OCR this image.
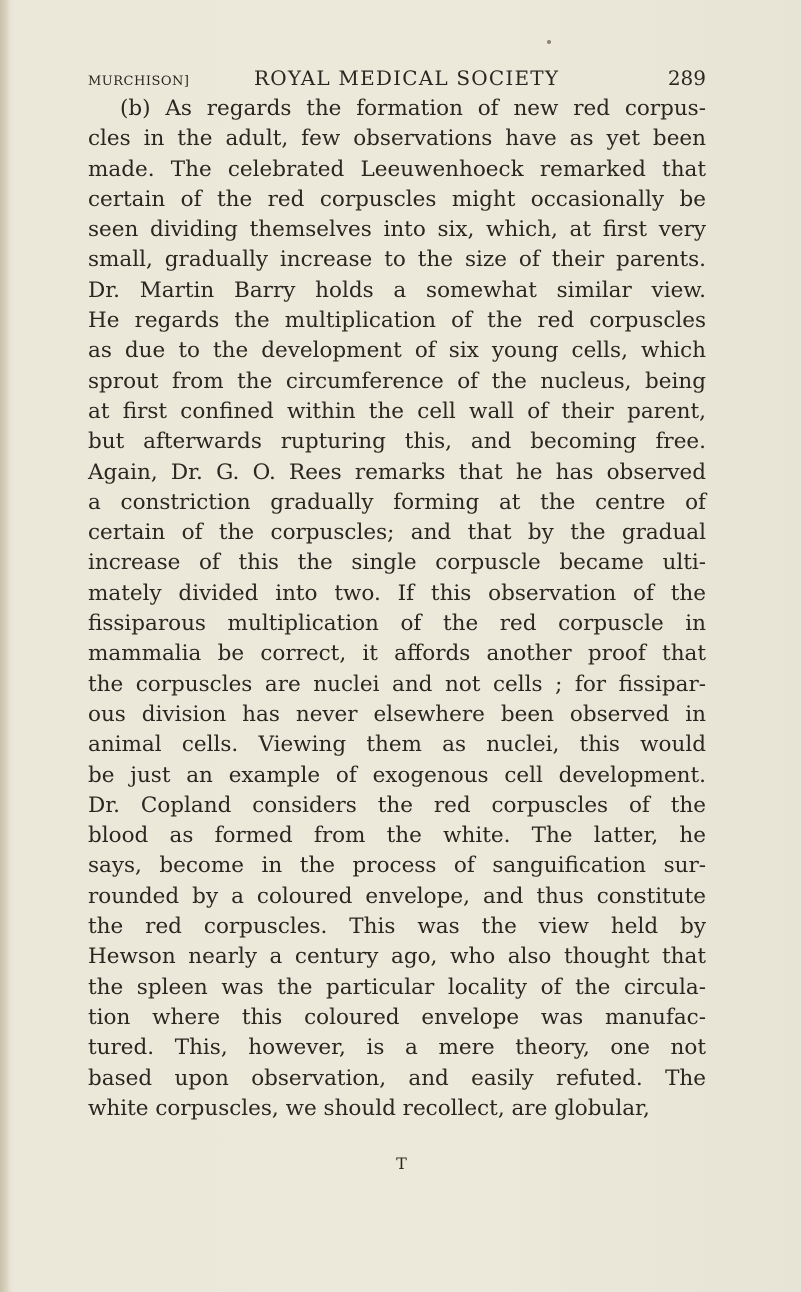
MURCHISON]	ROYAL MEDICAL SOCIETY	289
(b) As regards the formation of new red corpus-
cles in the adult, few observations have as yet been
made. The celebrated Leeuwenhoeck remarked that
certain of the red corpuscles might occasionally be
seen dividing themselves into six, which, at first very
small, gradually increase to the size of their parents.
Dr. Martin Barry holds a somewhat similar view.
He regards the multiplication of the red corpuscles
as due to the development of six young cells, which
sprout from the circumference of the nucleus, being
at first confined within the cell wall of their parent,
but afterwards rupturing this, and becoming free.
Again, Dr. G. O. Rees remarks that he has observed
a constriction gradually forming at the centre of
certain of the corpuscles; and that by the gradual
increase of this the single corpuscle became ulti-
mately divided into two. If this observation of the
fissiparous multiplication of the red corpuscle in
mammalia be correct, it affords another proof that
the corpuscles are nuclei and not cells ; for fissipar-
ous division has never elsewhere been observed in
animal cells. Viewing them as nuclei, this would
be just an example of exogenous cell development.
Dr. Copland considers the red corpuscles of the
blood as formed from the white. The latter, he
says, become in the process of sanguification sur-
rounded by a coloured envelope, and thus constitute
the red corpuscles. This was the view held by
Hewson nearly a century ago, who also thought that
the spleen was the particular locality of the circula-
tion where this coloured envelope was manufac-
tured. This, however, is a mere theory, one not
based upon observation, and easily refuted. The
white corpuscles, we should recollect, are globular,
T
